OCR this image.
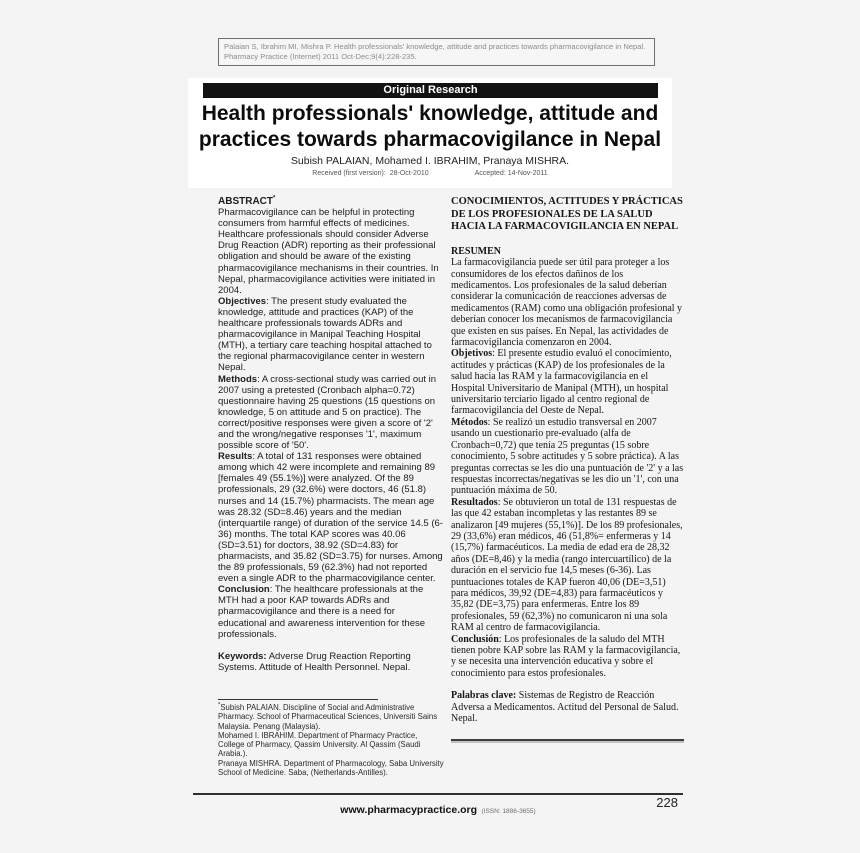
Palaian S, Ibrahim MI, Mishra P. Health professionals' knowledge, attitude and practices towards pharmacovigilance in Nepal. Pharmacy Practice (Internet) 2011 Oct-Dec;9(4):228-235.
Original Research
Health professionals' knowledge, attitude and
practices towards pharmacovigilance in Nepal
Subish PALAIAN, Mohamed I. IBRAHIM, Pranaya MISHRA.
Received (first version): 28-Oct-2010	Accepted: 14-Nov-2011

ABSTRACT*

Pharmacovigilance can be helpful in protecting consumers from harmful effects of medicines. Healthcare professionals should consider Adverse Drug Reaction (ADR) reporting as their professional obligation and should be aware of the existing pharmacovigilance mechanisms in their countries. In Nepal, pharmacovigilance activities were initiated in 2004.

Objectives: The present study evaluated the knowledge, attitude and practices (KAP) of the healthcare professionals towards ADRs and pharmacovigilance in Manipal Teaching Hospital (MTH), a tertiary care teaching hospital attached to the regional pharmacovigilance center in western Nepal.

Methods: A cross-sectional study was carried out in 2007 using a pretested (Cronbach alpha=0.72) questionnaire having 25 questions (15 questions on knowledge, 5 on attitude and 5 on practice). The correct/positive responses were given a score of '2' and the wrong/negative responses '1', maximum possible score of '50'.

Results: A total of 131 responses were obtained among which 42 were incomplete and remaining 89 [females 49 (55.1%)] were analyzed. Of the 89 professionals, 29 (32.6%) were doctors, 46 (51.8) nurses and 14 (15.7%) pharmacists. The mean age was 28.32 (SD=8.46) years and the median (interquartile range) of duration of the service 14.5 (6-36) months. The total KAP scores was 40.06 (SD=3.51) for doctors, 38.92 (SD=4.83) for pharmacists, and 35.82 (SD=3.75) for nurses. Among the 89 professionals, 59 (62.3%) had not reported even a single ADR to the pharmacovigilance center.

Conclusion: The healthcare professionals at the MTH had a poor KAP towards ADRs and pharmacovigilance and there is a need for educational and awareness intervention for these professionals.

Keywords: Adverse Drug Reaction Reporting Systems. Attitude of Health Personnel. Nepal.

*Subish PALAIAN. Discipline of Social and Administrative Pharmacy. School of Pharmaceutical Sciences, Universiti Sains Malaysia. Penang (Malaysia).
Mohamed I. IBRAHIM. Department of Pharmacy Practice, College of Pharmacy, Qassim University. Al Qassim (Saudi Arabia.).
Pranaya MISHRA. Department of Pharmacology, Saba University School of Medicine. Saba, (Netherlands-Antilles).

CONOCIMIENTOS, ACTITUDES Y PRÁCTICAS DE LOS PROFESIONALES DE LA SALUD HACIA LA FARMACOVIGILANCIA EN NEPAL

RESUMEN

La farmacovigilancia puede ser útil para proteger a los consumidores de los efectos dañinos de los medicamentos. Los profesionales de la salud deberían considerar la comunicación de reacciones adversas de medicamentos (RAM) como una obligación profesional y deberían conocer los mecanismos de farmacovigilancia que existen en sus países. En Nepal, las actividades de farmacovigilancia comenzaron en 2004.

Objetivos: El presente estudio evaluó el conocimiento, actitudes y prácticas (KAP) de los profesionales de la salud hacia las RAM y la farmacovigilancia en el Hospital Universitario de Manipal (MTH), un hospital universitario terciario ligado al centro regional de farmacovigilancia del Oeste de Nepal.

Métodos: Se realizó un estudio transversal en 2007 usando un cuestionario pre-evaluado (alfa de Cronbach=0,72) que tenía 25 preguntas (15 sobre conocimiento, 5 sobre actitudes y 5 sobre práctica). A las preguntas correctas se les dio una puntuación de '2' y a las respuestas incorrectas/negativas se les dio un '1', con una puntuación máxima de 50.

Resultados: Se obtuvieron un total de 131 respuestas de las que 42 estaban incompletas y las restantes 89 se analizaron [49 mujeres (55,1%)]. De los 89 profesionales, 29 (33,6%) eran médicos, 46 (51,8%= enfermeras y 14 (15,7%) farmacéuticos. La media de edad era de 28,32 años (DE=8,46) y la media (rango intercuartílico) de la duración en el servicio fue 14,5 meses (6-36). Las puntuaciones totales de KAP fueron 40,06 (DE=3,51) para médicos, 39,92 (DE=4,83) para farmacéuticos y 35,82 (DE=3,75) para enfermeras. Entre los 89 profesionales, 59 (62,3%) no comunicaron ni una sola RAM al centro de farmacovigilancia.

Conclusión: Los profesionales de la saludo del MTH tienen pobre KAP sobre las RAM y la farmacovigilancia, y se necesita una intervención educativa y sobre el conocimiento para estos profesionales.

Palabras clave: Sistemas de Registro de Reacción Adversa a Medicamentos. Actitud del Personal de Salud. Nepal.

www.pharmacypractice.org (ISSN: 1886-3655)
228
